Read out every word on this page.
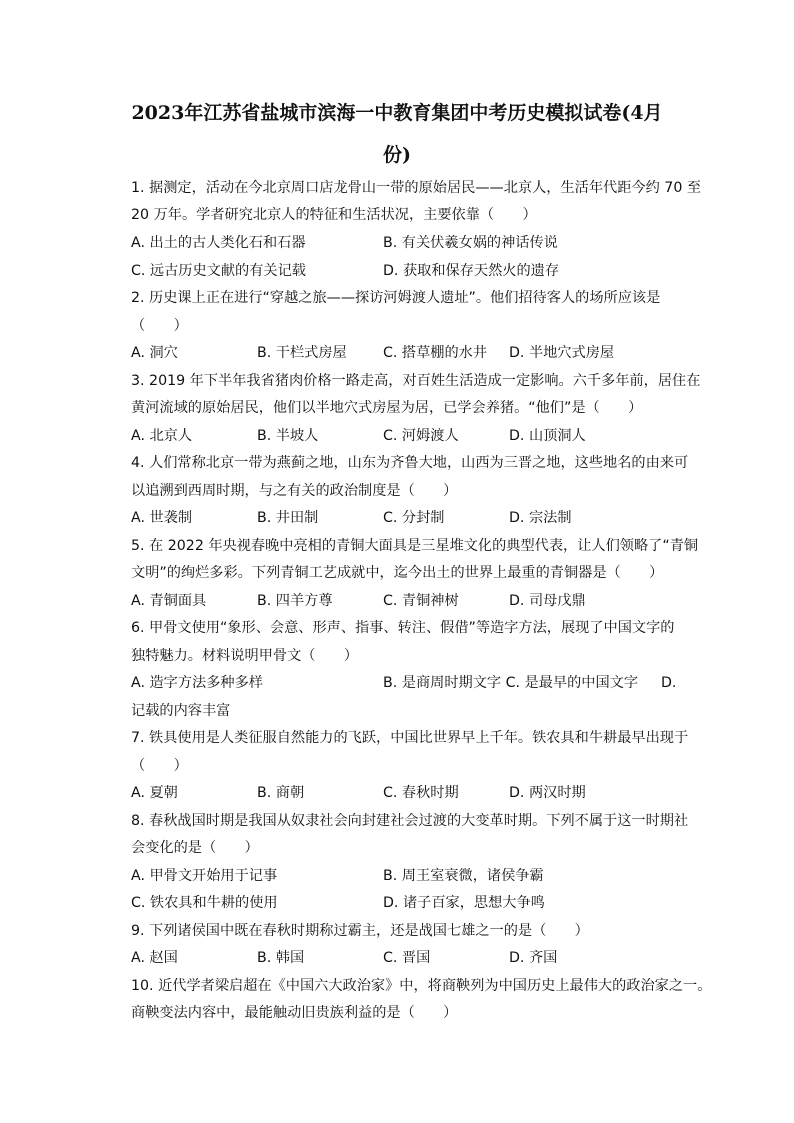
2023年江苏省盐城市滨海一中教育集团中考历史模拟试卷(4月
份)
1. 据测定，活动在今北京周口店龙骨山一带的原始居民——北京人，生活年代距今约 70 至
20 万年。学者研究北京人的特征和生活状况，主要依靠（　　）
A. 出土的古人类化石和石器	B. 有关伏羲女娲的神话传说
C. 远古历史文献的有关记载	D. 获取和保存天然火的遗存
2. 历史课上正在进行“穿越之旅——探访河姆渡人遗址”。他们招待客人的场所应该是
（　　）
A. 洞穴	B. 干栏式房屋	C. 搭草棚的水井 D. 半地穴式房屋
3. 2019 年下半年我省猪肉价格一路走高，对百姓生活造成一定影响。六千多年前，居住在
黄河流域的原始居民，他们以半地穴式房屋为居，已学会养猪。“他们”是（　　）
A. 北京人	B. 半坡人	C. 河姆渡人	D. 山顶洞人
4. 人们常称北京一带为燕蓟之地，山东为齐鲁大地，山西为三晋之地，这些地名的由来可
以追溯到西周时期，与之有关的政治制度是（　　）
A. 世袭制	B. 井田制	C. 分封制	D. 宗法制
5. 在 2022 年央视春晚中亮相的青铜大面具是三星堆文化的典型代表，让人们领略了“青铜
文明”的绚烂多彩。下列青铜工艺成就中，迄今出土的世界上最重的青铜器是（　　）
A. 青铜面具	B. 四羊方尊	C. 青铜神树	D. 司母戊鼎
6. 甲骨文使用“象形、会意、形声、指事、转注、假借”等造字方法，展现了中国文字的
独特魅力。材料说明甲骨文（　　）
A. 造字方法多种多样	B. 是商周时期文字 C. 是最早的中国文字 D.
记载的内容丰富
7. 铁具使用是人类征服自然能力的飞跃，中国比世界早上千年。铁农具和牛耕最早出现于
（　　）
A. 夏朝	B. 商朝	C. 春秋时期	D. 两汉时期
8. 春秋战国时期是我国从奴隶社会向封建社会过渡的大变革时期。下列不属于这一时期社
会变化的是（　　）
A. 甲骨文开始用于记事	B. 周王室衰微，诸侯争霸
C. 铁农具和牛耕的使用	D. 诸子百家，思想大争鸣
9. 下列诸侯国中既在春秋时期称过霸主，还是战国七雄之一的是（　　）
A. 赵国	B. 韩国	C. 晋国	D. 齐国
10. 近代学者梁启超在《中国六大政治家》中，将商鞅列为中国历史上最伟大的政治家之一。
商鞅变法内容中，最能触动旧贵族利益的是（　　）
